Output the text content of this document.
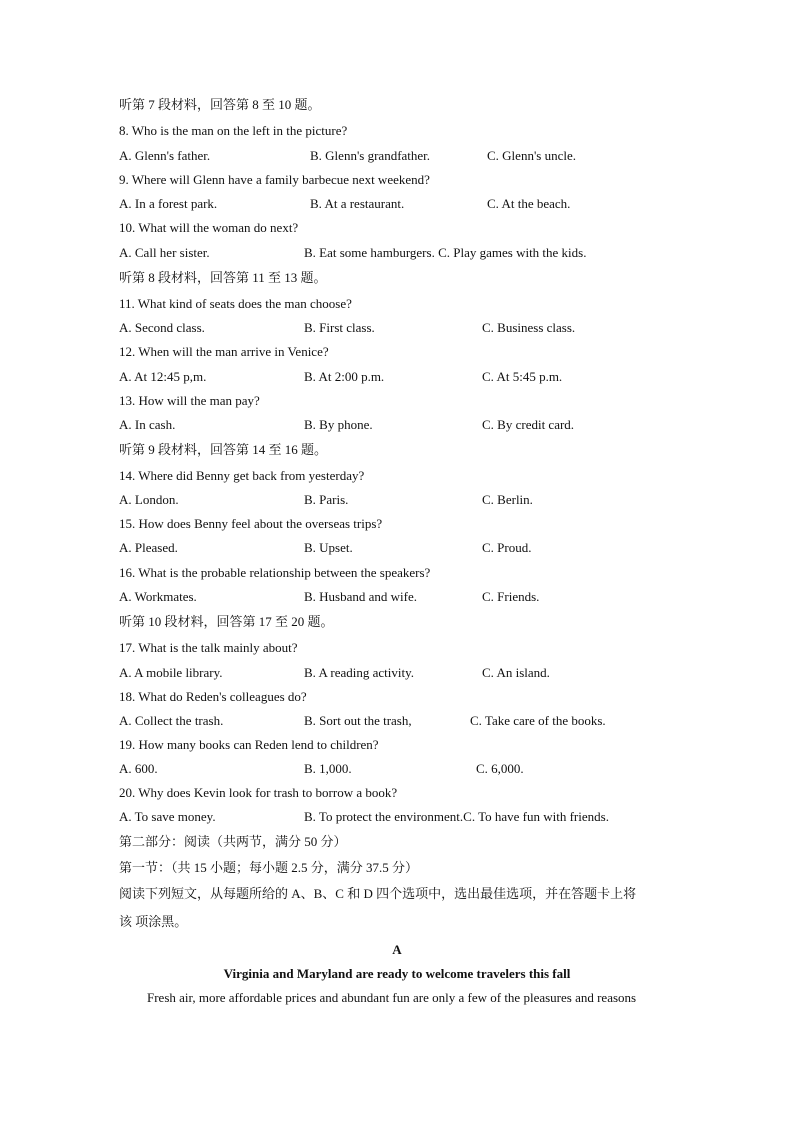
听第 7 段材料，回答第 8 至 10 题。
8. Who is the man on the left in the picture?
A. Glenn's father.	B. Glenn's grandfather.	C. Glenn's uncle.
9. Where will Glenn have a family barbecue next weekend?
A. In a forest park.	B. At a restaurant.	C. At the beach.
10. What will the woman do next?
A. Call her sister.	B. Eat some hamburgers. C. Play games with the kids.
听第 8 段材料，回答第 11 至 13 题。
11. What kind of seats does the man choose?
A. Second class.	B. First class.	C. Business class.
12. When will the man arrive in Venice?
A. At 12:45 p,m.	B. At 2:00 p.m.	C. At 5:45 p.m.
13. How will the man pay?
A. In cash.	B. By phone.	C. By credit card.
听第 9 段材料，回答第 14 至 16 题。
14. Where did Benny get back from yesterday?
A. London.	B. Paris.	C. Berlin.
15. How does Benny feel about the overseas trips?
A. Pleased.	B. Upset.	C. Proud.
16. What is the probable relationship between the speakers?
A. Workmates.	B. Husband and wife.	C. Friends.
听第 10 段材料，回答第 17 至 20 题。
17. What is the talk mainly about?
A. A mobile library.	B. A reading activity.	C. An island.
18. What do Reden's colleagues do?
A. Collect the trash.	B. Sort out the trash,	C. Take care of the books.
19. How many books can Reden lend to children?
A. 600.	B. 1,000.	C. 6,000.
20. Why does Kevin look for trash to borrow a book?
A. To save money.	B. To protect the environment.C. To have fun with friends.
第二部分：阅读（共两节，满分 50 分）
第一节：（共 15 小题；每小题 2.5 分，满分 37.5 分）
阅读下列短文，从每题所给的 A、B、C 和 D 四个选项中，选出最佳选项，并在答题卡上将
该 项涂黑。
A
Virginia and Maryland are ready to welcome travelers this fall
Fresh air, more affordable prices and abundant fun are only a few of the pleasures and reasons
